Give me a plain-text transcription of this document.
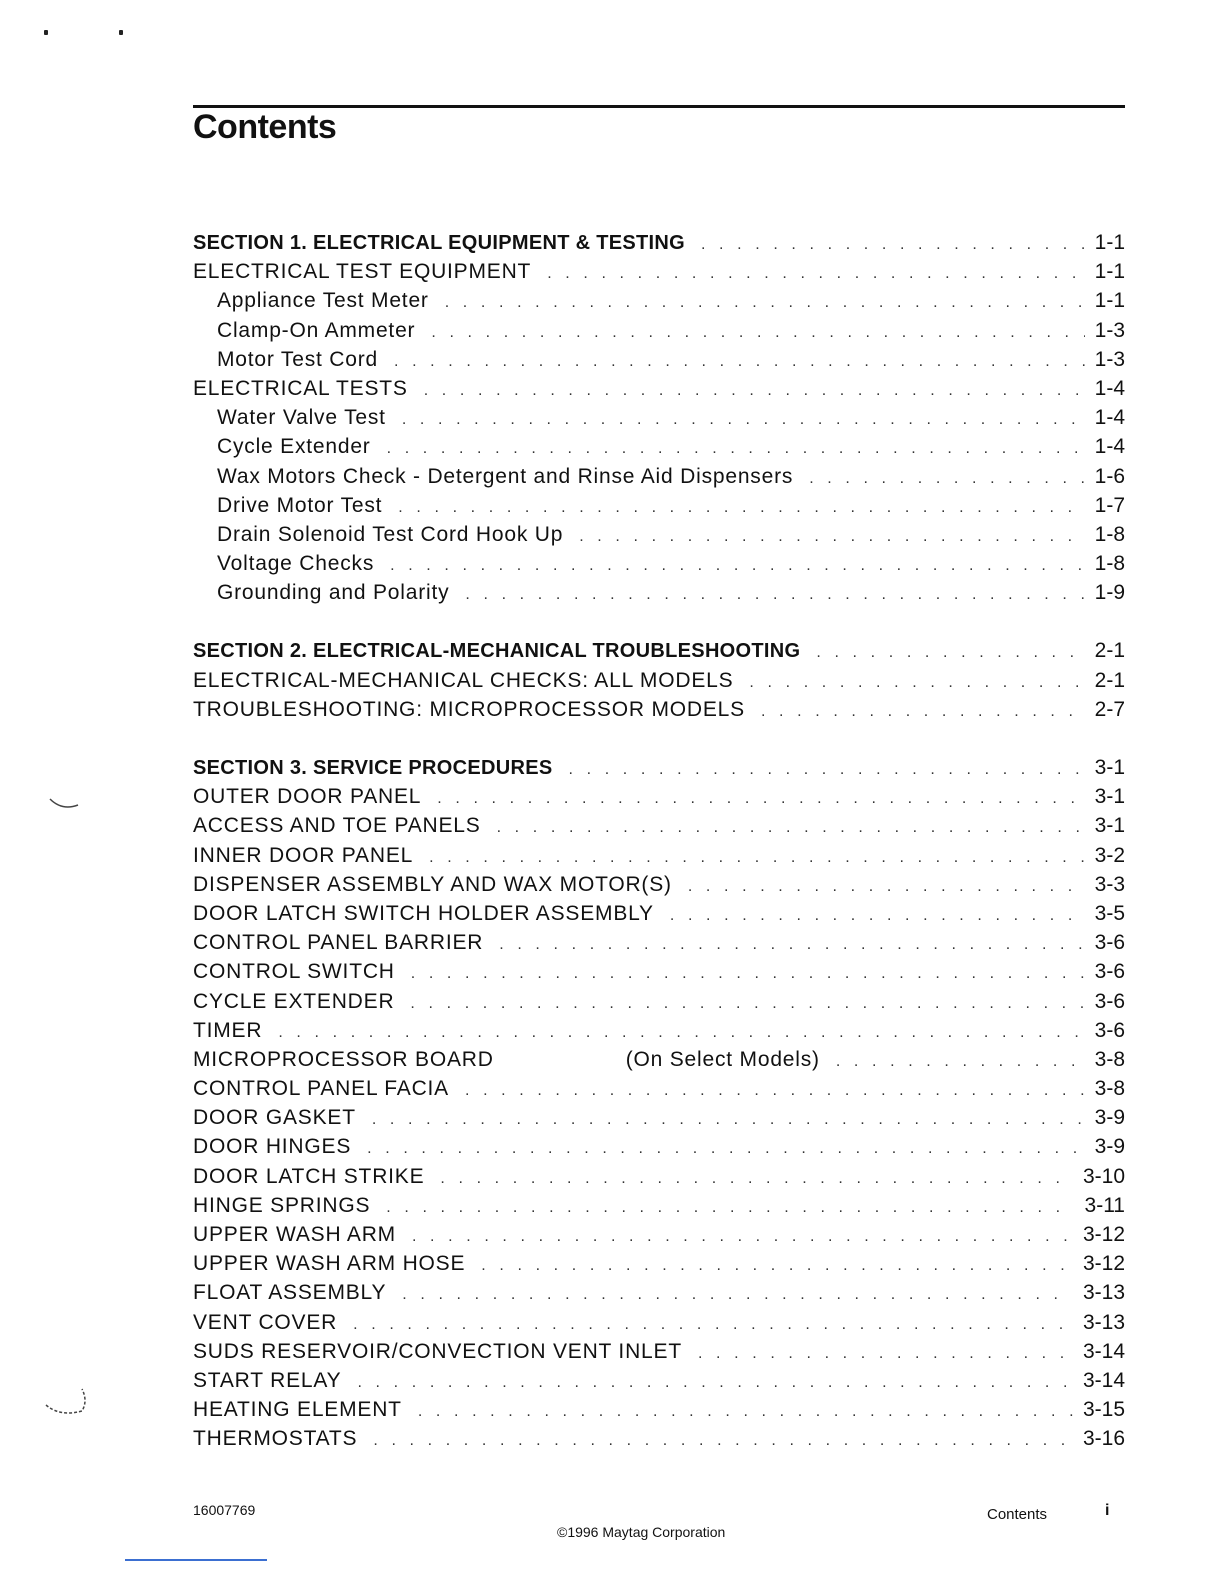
Contents
SECTION 1. ELECTRICAL EQUIPMENT & TESTING . . .	1-1
ELECTRICAL TEST EQUIPMENT . . .	1-1
Appliance Test Meter . . .	1-1
Clamp-On Ammeter . . .	1-3
Motor Test Cord . . .	1-3
ELECTRICAL TESTS . . .	1-4
Water Valve Test . . .	1-4
Cycle Extender . . .	1-4
Wax Motors Check - Detergent and Rinse Aid Dispensers . . .	1-6
Drive Motor Test . . .	1-7
Drain Solenoid Test Cord Hook Up . . .	1-8
Voltage Checks . . .	1-8
Grounding and Polarity . . .	1-9
SECTION 2. ELECTRICAL-MECHANICAL TROUBLESHOOTING . . .	2-1
ELECTRICAL-MECHANICAL CHECKS: ALL MODELS . . .	2-1
TROUBLESHOOTING: MICROPROCESSOR MODELS . . .	2-7
SECTION 3. SERVICE PROCEDURES . . .	3-1
OUTER DOOR PANEL . . .	3-1
ACCESS AND TOE PANELS . . .	3-1
INNER DOOR PANEL . . .	3-2
DISPENSER ASSEMBLY AND WAX MOTOR(S) . . .	3-3
DOOR LATCH SWITCH HOLDER ASSEMBLY . . .	3-5
CONTROL PANEL BARRIER . . .	3-6
CONTROL SWITCH . . .	3-6
CYCLE EXTENDER . . .	3-6
TIMER . . .	3-6
MICROPROCESSOR BOARD	(On Select Models) . . .	3-8
CONTROL PANEL FACIA . . .	3-8
DOOR GASKET . . .	3-9
DOOR HINGES . . .	3-9
DOOR LATCH STRIKE . . .	3-10
HINGE SPRINGS . . .	3-11
UPPER WASH ARM . . .	3-12
UPPER WASH ARM HOSE . . .	3-12
FLOAT ASSEMBLY . . .	3-13
VENT COVER . . .	3-13
SUDS RESERVOIR/CONVECTION VENT INLET . . .	3-14
START RELAY . . .	3-14
HEATING ELEMENT . . .	3-15
THERMOSTATS . . .	3-16
16007769
©1996 Maytag Corporation
Contents	i
